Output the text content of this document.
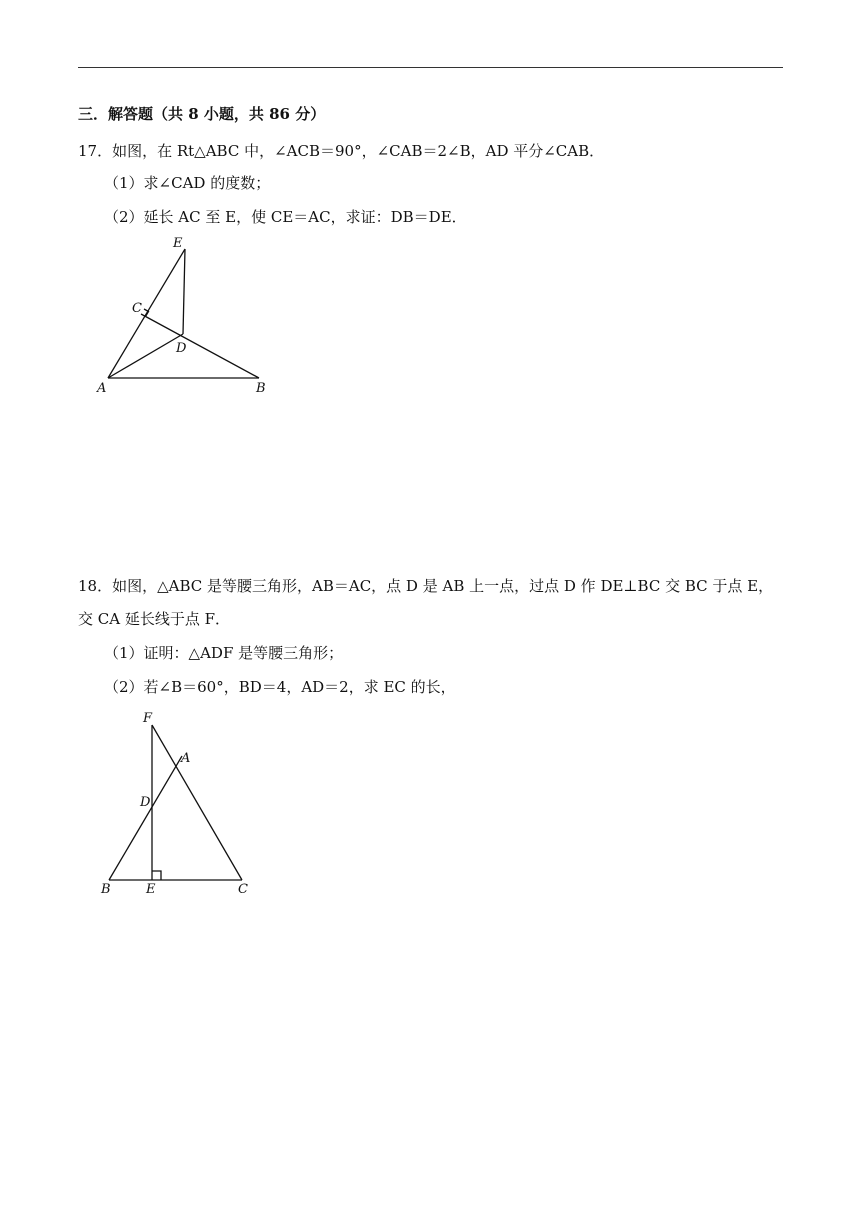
三．解答题（共 8 小题，共 86 分）
17．如图，在 Rt△ABC 中，∠ACB＝90°，∠CAB＝2∠B，AD 平分∠CAB．
（1）求∠CAD 的度数；
（2）延长 AC 至 E，使 CE＝AC，求证：DB＝DE．
E
C
D
A	B
18．如图，△ABC 是等腰三角形，AB＝AC，点 D 是 AB 上一点，过点 D 作 DE⊥BC 交 BC 于点 E，
交 CA 延长线于点 F．
（1）证明：△ADF 是等腰三角形；
（2）若∠B＝60°，BD＝4，AD＝2，求 EC 的长，
F
A
D
B	E	C
